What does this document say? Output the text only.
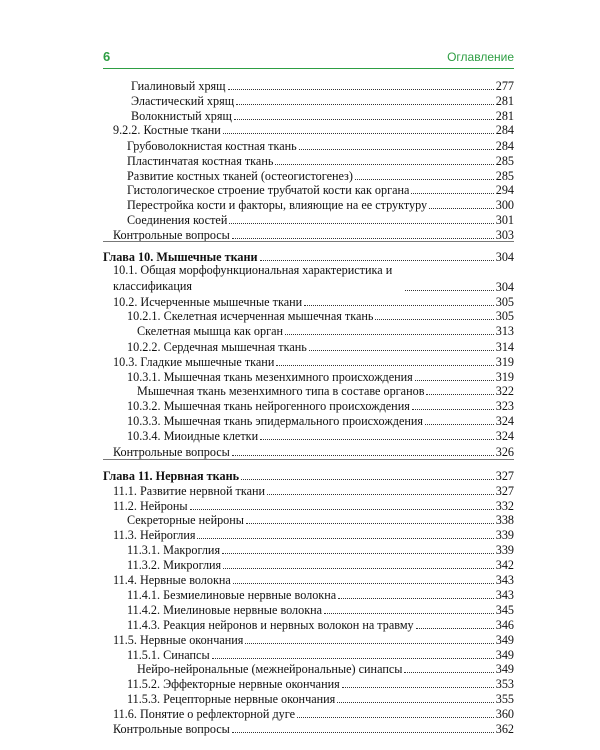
6	Оглавление
Гиалиновый хрящ	277
Эластический хрящ	281
Волокнистый хрящ	281
9.2.2. Костные ткани	284
Грубоволокнистая костная ткань	284
Пластинчатая костная ткань	285
Развитие костных тканей (остеогистогенез)	285
Гистологическое строение трубчатой кости как органа	294
Перестройка кости и факторы, влияющие на ее структуру	300
Соединения костей	301
Контрольные вопросы	303
Глава 10. Мышечные ткани	304
10.1. Общая морфофункциональная характеристика и классификация	304
10.2. Исчерченные мышечные ткани	305
10.2.1. Скелетная исчерченная мышечная ткань	305
Скелетная мышца как орган	313
10.2.2. Сердечная мышечная ткань	314
10.3. Гладкие мышечные ткани	319
10.3.1. Мышечная ткань мезенхимного происхождения	319
Мышечная ткань мезенхимного типа в составе органов	322
10.3.2. Мышечная ткань нейрогенного происхождения	323
10.3.3. Мышечная ткань эпидермального происхождения	324
10.3.4. Миоидные клетки	324
Контрольные вопросы	326
Глава 11. Нервная ткань	327
11.1. Развитие нервной ткани	327
11.2. Нейроны	332
Секреторные нейроны	338
11.3. Нейроглия	339
11.3.1. Макроглия	339
11.3.2. Микроглия	342
11.4. Нервные волокна	343
11.4.1. Безмиелиновые нервные волокна	343
11.4.2. Миелиновые нервные волокна	345
11.4.3. Реакция нейронов и нервных волокон на травму	346
11.5. Нервные окончания	349
11.5.1. Синапсы	349
Нейро-нейрональные (межнейрональные) синапсы	349
11.5.2. Эффекторные нервные окончания	353
11.5.3. Рецепторные нервные окончания	355
11.6. Понятие о рефлекторной дуге	360
Контрольные вопросы	362
